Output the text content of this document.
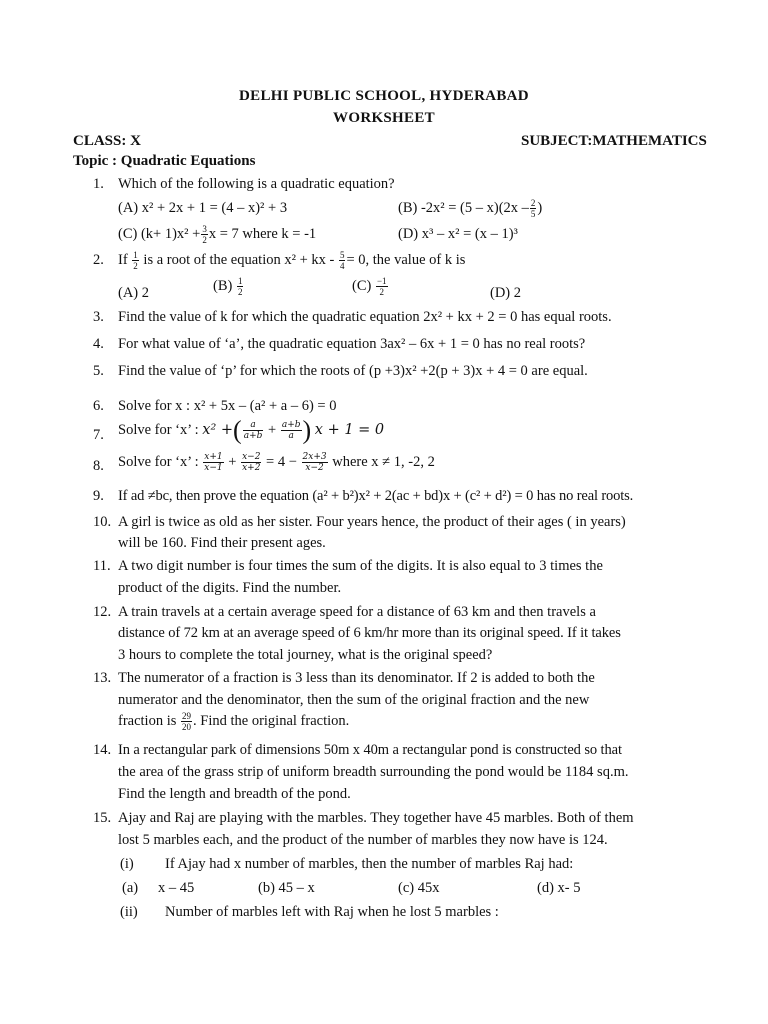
DELHI PUBLIC SCHOOL, HYDERABAD
WORKSHEET
CLASS: X	SUBJECT:MATHEMATICS
Topic : Quadratic Equations
1. Which of the following is a quadratic equation?
(A) x² + 2x + 1 = (4 – x)² + 3	(B) $-2x^2 = (5 - x)(2x - \frac{2}{5}$ )
(C) $(k+ 1)x^2 + \frac{3}{2}$ x = 7 where k = -1	(D) x³ – x² = (x – 1)³
2. If $\frac{1}{2}$ is a root of the equation x² + kx - $\frac{5}{4} = 0$, the value of k is
(A) 2	$(B) \frac{1}{2}$	$(C) \frac{-1}{2}$	(D) 2
3. Find the value of k for which the quadratic equation 2x² + kx + 2 = 0 has equal roots.
4. For what value of ‘a’, the quadratic equation 3ax² – 6x + 1 = 0 has no real roots?
5. Find the value of ‘p’ for which the roots of (p +3)x² +2(p + 3)x + 4 = 0 are equal.
6. Solve for x : x² + 5x – (a² + a – 6) = 0
7. Solve for ‘x’ : x² +( $\frac{a}{a+b} + \frac{a+b}{a}$ ) x + 1 = 0
8. Solve for ‘x’ : $\frac{x+1}{x-1} + \frac{x-2}{x+2} = 4 - \frac{2x+3}{x-2}$ where x ≠ 1, -2, 2
9. If ad ≠bc, then prove the equation (a² + b²)x² + 2(ac + bd)x + (c² + d²) = 0 has no real roots.
10. A girl is twice as old as her sister. Four years hence, the product of their ages ( in years)
will be 160. Find their present ages.
11. A two digit number is four times the sum of the digits. It is also equal to 3 times the
product of the digits. Find the number.
12. A train travels at a certain average speed for a distance of 63 km and then travels a
distance of 72 km at an average speed of 6 km/hr more than its original speed. If it takes
3 hours to complete the total journey, what is the original speed?
13. The numerator of a fraction is 3 less than its denominator. If 2 is added to both the
numerator and the denominator, then the sum of the original fraction and the new
fraction is $\frac{29}{20}$ . Find the original fraction.
14. In a rectangular park of dimensions 50m x 40m a rectangular pond is constructed so that
the area of the grass strip of uniform breadth surrounding the pond would be 1184 sq.m.
Find the length and breadth of the pond.
15. Ajay and Raj are playing with the marbles. They together have 45 marbles. Both of them
lost 5 marbles each, and the product of the number of marbles they now have is 124.
(i) If Ajay had x number of marbles, then the number of marbles Raj had:
(a) x – 45	(b) 45 – x	(c) 45x	(d) x- 5
(ii) Number of marbles left with Raj when he lost 5 marbles :
